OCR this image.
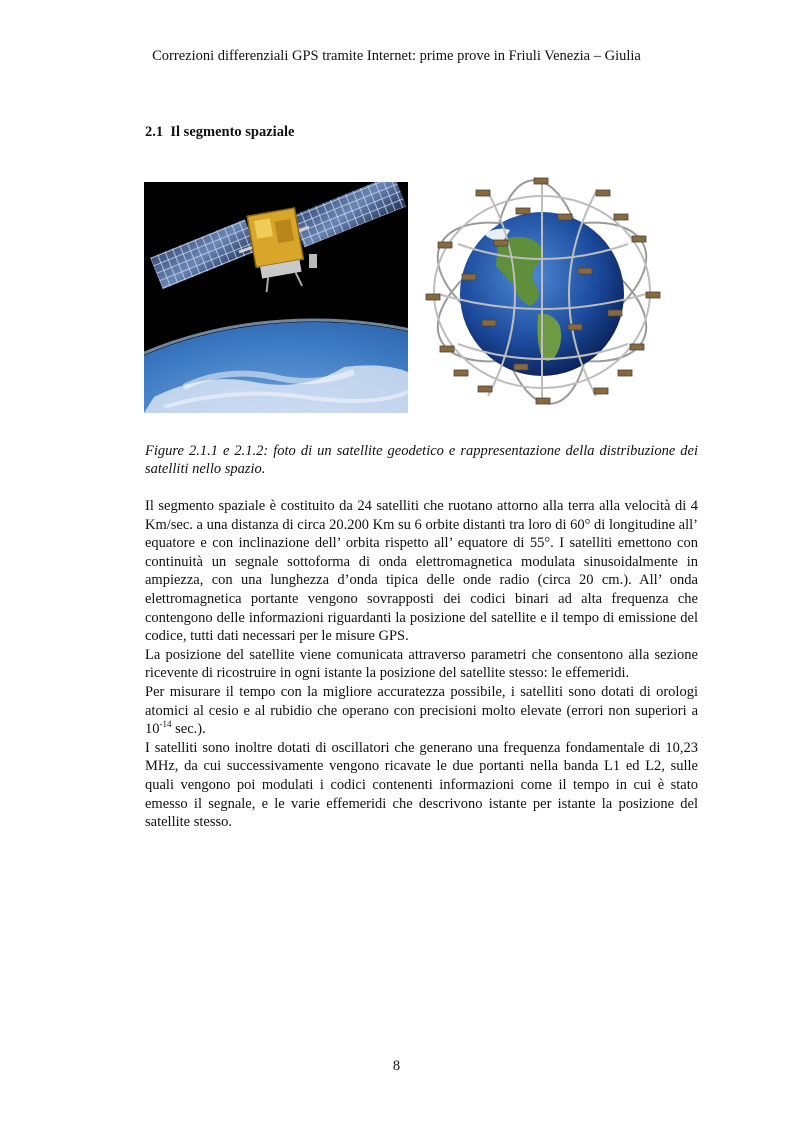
Correzioni differenziali GPS tramite Internet: prime prove in Friuli Venezia – Giulia
2.1 Il segmento spaziale
Figure 2.1.1 e 2.1.2: foto di un satellite geodetico e rappresentazione della distribuzione dei satelliti nello spazio.

Il segmento spaziale è costituito da 24 satelliti che ruotano attorno alla terra alla velocità di 4 Km/sec. a una distanza di circa 20.200 Km su 6 orbite distanti tra loro di 60° di longitudine all’ equatore e con inclinazione dell’ orbita rispetto all’ equatore di 55°. I satelliti emettono con continuità un segnale sottoforma di onda elettromagnetica modulata sinusoidalmente in ampiezza, con una lunghezza d’onda tipica delle onde radio (circa 20 cm.). All’ onda elettromagnetica portante vengono sovrapposti dei codici binari ad alta frequenza che contengono delle informazioni riguardanti la posizione del satellite e il tempo di emissione del codice, tutti dati necessari per le misure GPS.

La posizione del satellite viene comunicata attraverso parametri che consentono alla sezione ricevente di ricostruire in ogni istante la posizione del satellite stesso: le effemeridi.

Per misurare il tempo con la migliore accuratezza possibile, i satelliti sono dotati di orologi atomici al cesio e al rubidio che operano con precisioni molto elevate (errori non superiori a $10^{-14}$ sec.).

I satelliti sono inoltre dotati di oscillatori che generano una frequenza fondamentale di 10,23 MHz, da cui successivamente vengono ricavate le due portanti nella banda L1 ed L2, sulle quali vengono poi modulati i codici contenenti informazioni come il tempo in cui è stato emesso il segnale, e le varie effemeridi che descrivono istante per istante la posizione del satellite stesso.

8
